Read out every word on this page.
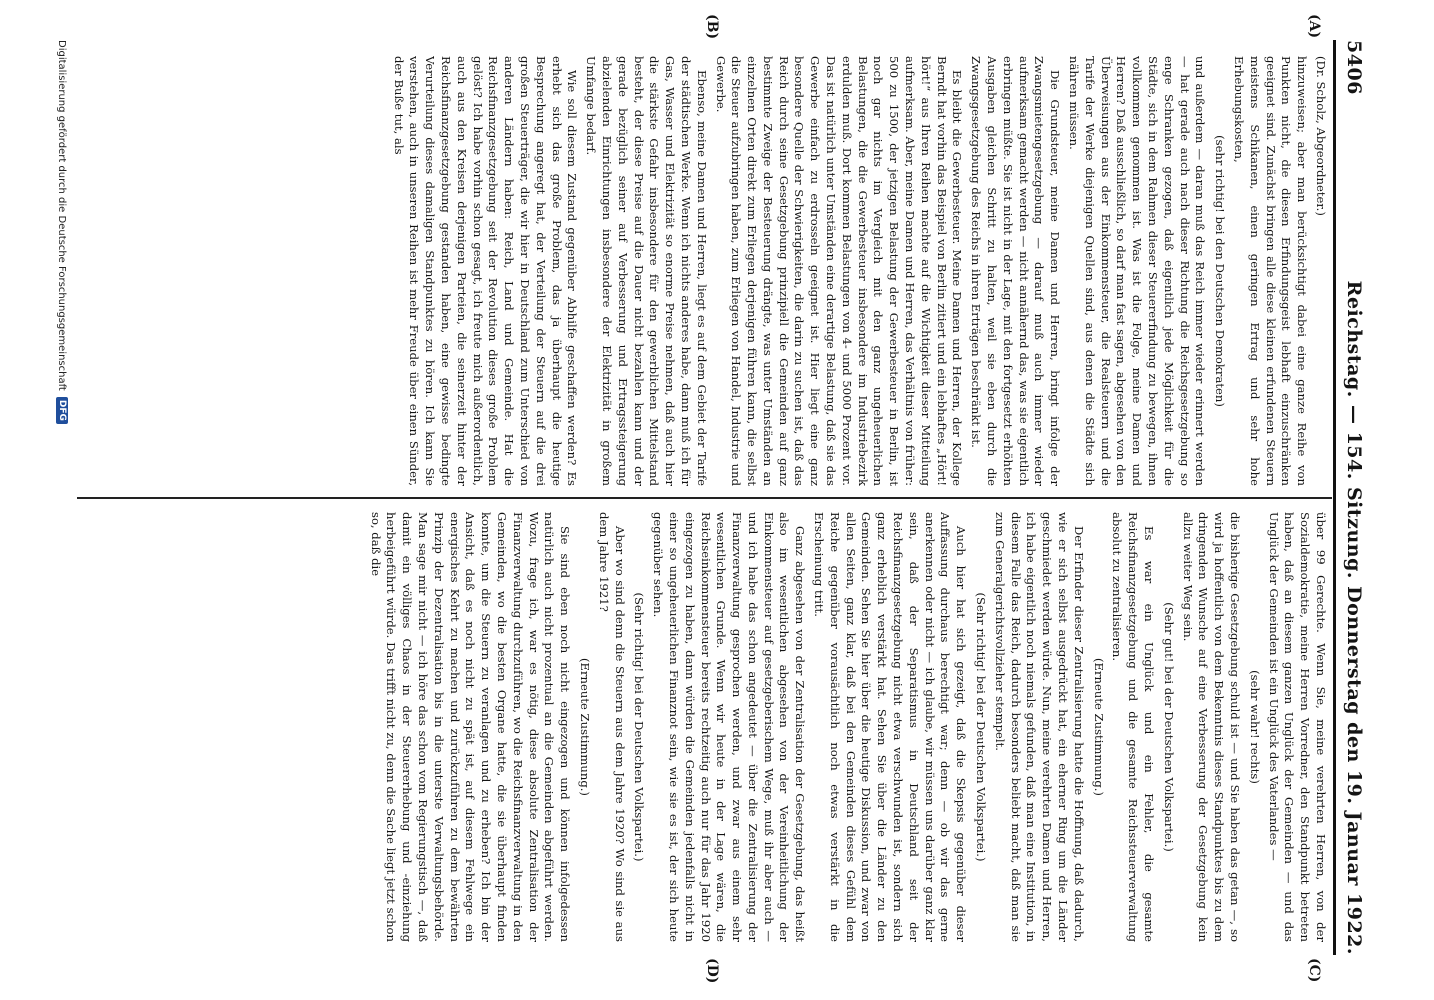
5406
Reichstag. — 154. Sitzung. Donnerstag den 19. Januar 1922.
(A)
(B)
(C)
(D)

(Dr. Scholz, Abgeordneter.)

hinzuweisen; aber man berücksichtigt dabei eine ganze Reihe von Punkten nicht, die diesen Erfindungsgeist lebhaft einzuschränken geeignet sind. Zunächst bringen alle diese kleinen erfundenen Steuern meistens Schikanen, einen geringen Ertrag und sehr hohe Erhebungskosten,

(sehr richtig! bei den Deutschen Demokraten)

und außerdem — daran muß das Reich immer wieder erinnert werden — hat gerade auch nach dieser Richtung die Reichsgesetzgebung so enge Schranken gezogen, daß eigentlich jede Möglichkeit für die Städte, sich in dem Rahmen dieser Steuererfindung zu bewegen, ihnen vollkommen genommen ist. Was ist die Folge, meine Damen und Herren? Daß ausschließlich, so darf man fast sagen, abgesehen von den Überweisungen aus der Einkommensteuer, die Realsteuern und die Tarife der Werke diejenigen Quellen sind, aus denen die Städte sich nähren müssen.

Die Grundsteuer, meine Damen und Herren, bringt infolge der Zwangsmietengesetzgebung — darauf muß auch immer wieder aufmerksam gemacht werden — nicht annähernd das, was sie eigentlich erbringen müßte. Sie ist nicht in der Lage, mit den fortgesetzt erhöhten Ausgaben gleichen Schritt zu halten, weil sie eben durch die Zwangsgesetzgebung des Reichs in ihren Erträgen beschränkt ist.

Es bleibt die Gewerbesteuer. Meine Damen und Herren, der Kollege Berndt hat vorhin das Beispiel von Berlin zitiert und ein lebhaftes „Hört! hört!“ aus Ihren Reihen machte auf die Wichtigkeit dieser Mitteilung aufmerksam. Aber, meine Damen und Herren, das Verhältnis von früher: 500 zu 1500, der jetzigen Belastung der Gewerbesteuer in Berlin, ist noch gar nichts im Vergleich mit den ganz ungeheuerlichen Belastungen, die die Gewerbesteuer insbesondere im Industriebezirk erdulden muß. Dort kommen Belastungen von 4- und 5000 Prozent vor. Das ist natürlich unter Umständen eine derartige Belastung, daß sie das Gewerbe einfach zu erdrosseln geeignet ist. Hier liegt eine ganz besondere Quelle der Schwierigkeiten, die darin zu suchen ist, daß das Reich durch seine Gesetzgebung prinzipiell die Gemeinden auf ganz bestimmte Zweige der Besteuerung drängte, was unter Umständen an einzelnen Orten direkt zum Erliegen derjenigen führen kann, die selbst die Steuer aufzubringen haben, zum Erliegen von Handel, Industrie und Gewerbe.

Ebenso, meine Damen und Herren, liegt es auf dem Gebiet der Tarife der städtischen Werke. Wenn ich nichts anderes habe, dann muß ich für Gas, Wasser und Elektrizität so enorme Preise nehmen, daß auch hier die stärkste Gefahr insbesondere für den gewerblichen Mittelstand besteht, der diese Preise auf die Dauer nicht bezahlen kann und der gerade bezüglich seiner auf Verbesserung und Ertragssteigerung abzielenden Einrichtungen insbesondere der Elektrizität in großem Umfange bedarf.

Wie soll diesem Zustand gegenüber Abhilfe geschaffen werden? Es erhebt sich das große Problem, das ja überhaupt die heutige Besprechung angeregt hat, der Verteilung der Steuern auf die drei großen Steuerträger, die wir hier in Deutschland zum Unterschied von anderen Ländern haben: Reich, Land und Gemeinde. Hat die Reichsfinanzgesetzgebung seit der Revolution dieses große Problem gelöst? Ich habe vorhin schon gesagt, ich freute mich außerordentlich, auch aus den Kreisen derjenigen Parteien, die seinerzeit hinter der Reichsfinanzgesetzgebung gestanden haben, eine gewisse bedingte Verurteilung dieses damaligen Standpunktes zu hören. Ich kann Sie verstehen, auch in unseren Reihen ist mehr Freude über einen Sünder, der Buße tut, als

über 99 Gerechte. Wenn Sie, meine verehrten Herren, von der Sozialdemokratie, meine Herren Vorredner, den Standpunkt betreten haben, daß an diesem ganzen Unglück der Gemeinden — und das Unglück der Gemeinden ist ein Unglück des Vaterlandes —

(sehr wahr! rechts)

die bisherige Gesetzgebung schuld ist — und Sie haben das getan —, so wird ja hoffentlich von dem Bekenntnis dieses Standpunktes bis zu dem dringenden Wunsche auf eine Verbesserung der Gesetzgebung kein allzu weiter Weg sein.

(Sehr gut! bei der Deutschen Volkspartei.)

Es war ein Unglück und ein Fehler, die gesamte Reichsfinanzgesetzgebung und die gesamte Reichssteuerverwaltung absolut zu zentralisieren.

(Erneute Zustimmung.)

Der Erfinder dieser Zentralisierung hatte die Hoffnung, daß dadurch, wie er sich selbst ausgedrückt hat, ein eherner Ring um die Länder geschmiedet werden würde. Nun, meine verehrten Damen und Herren, ich habe eigentlich noch niemals gefunden, daß man eine Institution, in diesem Falle das Reich, dadurch besonders beliebt macht, daß man sie zum Generalgerichtsvollzieher stempelt.

(Sehr richtig! bei der Deutschen Volkspartei.)

Auch hier hat sich gezeigt, daß die Skepsis gegenüber dieser Auffassung durchaus berechtigt war; denn — ob wir das gerne anerkennen oder nicht — ich glaube, wir müssen uns darüber ganz klar sein, daß der Separatismus in Deutschland seit der Reichsfinanzgesetzgebung nicht etwa verschwunden ist, sondern sich ganz erheblich verstärkt hat. Sehen Sie über die Länder zu den Gemeinden. Sehen Sie hier über die heutige Diskussion, und zwar von allen Seiten, ganz klar, daß bei den Gemeinden dieses Gefühl dem Reiche gegenüber vorausächtlich noch etwas verstärkt in die Erscheinung tritt.

Ganz abgesehen von der Zentralisation der Gesetzgebung, das heißt also im wesentlichen abgesehen von der Vereinheitlichung der Einkommensteuer auf gesetzgeberischem Wege, muß ihr aber auch — und ich habe das schon angedeutet — über die Zentralisierung der Finanzverwaltung gesprochen werden, und zwar aus einem sehr wesentlichen Grunde. Wenn wir heute in der Lage wären, die Reichseinkommensteuer bereits rechtzeitig auch nur für das Jahr 1920 eingezogen zu haben, dann würden die Gemeinden jedenfalls nicht in einer so ungeheuerlichen Finanznot sein, wie sie es ist, der sich heute gegenüber sehen.

(Sehr richtig! bei der Deutschen Volkspartei.)

Aber wo sind denn die Steuern aus dem Jahre 1920? Wo sind sie aus dem Jahre 1921?

(Erneute Zustimmung.)

Sie sind eben noch nicht eingezogen und können infolgedessen natürlich auch nicht prozentual an die Gemeinden abgeführt werden. Wozu, frage ich, war es nötig, diese absolute Zentralisation der Finanzverwaltung durchzuführen, wo die Reichsfinanzverwaltung in den Gemeinden, wo die besten Organe hatte, die sie überhaupt finden konnte, um die Steuern zu veranlagen und zu erheben? Ich bin der Ansicht, daß es noch nicht zu spät ist, auf diesem Fehlwege ein energisches Kehrt zu machen und zurückzuführen zu dem bewährten Prinzip der Dezentralisation bis in die unterste Verwaltungsbehörde. Man sage mir nicht — ich höre das schon vom Regierungstisch —, daß damit ein völliges Chaos in der Steuererhebung und -einziehung herbeigeführt würde. Das trifft nicht zu, denn die Sache liegt jetzt schon so, daß die

Digitalisierung gefördert durch die Deutsche Forschungsgemeinschaft
DFG
